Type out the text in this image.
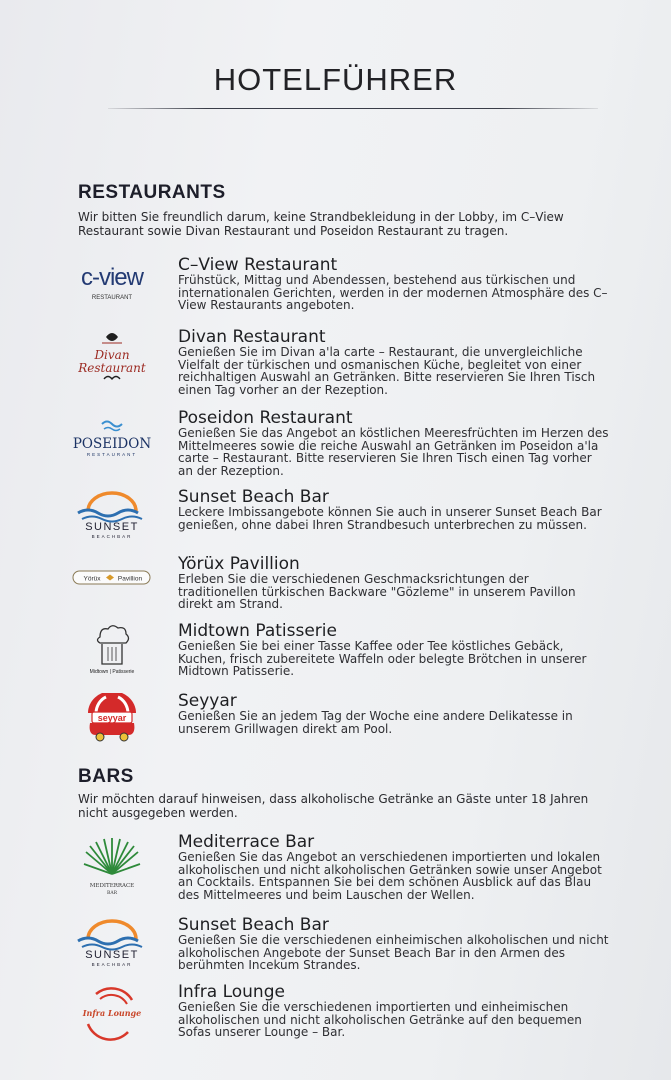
HOTELFÜHRER
RESTAURANTS
Wir bitten Sie freundlich darum, keine Strandbekleidung in der Lobby, im C–View Restaurant sowie Divan Restaurant und Poseidon Restaurant zu tragen.
c-view
RESTAURANT
C–View Restaurant
Frühstück, Mittag und Abendessen, bestehend aus türkischen und internationalen Gerichten, werden in der modernen Atmosphäre des C–View Restaurants angeboten.
Divan
Restaurant
Divan Restaurant
Genießen Sie im Divan a'la carte – Restaurant, die unvergleichliche Vielfalt der türkischen und osmanischen Küche, begleitet von einer reichhaltigen Auswahl an Getränken. Bitte reservieren Sie Ihren Tisch einen Tag vorher an der Rezeption.
POSEIDON
RESTAURANT
Poseidon Restaurant
Genießen Sie das Angebot an köstlichen Meeresfrüchten im Herzen des Mittelmeeres sowie die reiche Auswahl an Getränken im Poseidon a'la carte – Restaurant. Bitte reservieren Sie Ihren Tisch einen Tag vorher an der Rezeption.
SUNSET
BEACHBAR
Sunset Beach Bar
Leckere Imbissangebote können Sie auch in unserer Sunset Beach Bar genießen, ohne dabei Ihren Strandbesuch unterbrechen zu müssen.
Yörüx	Pavillion
Yörüx Pavillion
Erleben Sie die verschiedenen Geschmacksrichtungen der traditionellen türkischen Backware "Gözleme" in unserem Pavillon direkt am Strand.
Midtown | Patisserie
Midtown Patisserie
Genießen Sie bei einer Tasse Kaffee oder Tee köstliches Gebäck, Kuchen, frisch zubereitete Waffeln oder belegte Brötchen in unserer Midtown Patisserie.
seyyar
Seyyar
Genießen Sie an jedem Tag der Woche eine andere Delikatesse in unserem Grillwagen direkt am Pool.
BARS
Wir möchten darauf hinweisen, dass alkoholische Getränke an Gäste unter 18 Jahren nicht ausgegeben werden.
MEDITERRACE
BAR
Mediterrace Bar
Genießen Sie das Angebot an verschiedenen importierten und lokalen alkoholischen und nicht alkoholischen Getränken sowie unser Angebot an Cocktails. Entspannen Sie bei dem schönen Ausblick auf das Blau des Mittelmeeres und beim Lauschen der Wellen.
SUNSET
BEACHBAR
Sunset Beach Bar
Genießen Sie die verschiedenen einheimischen alkoholischen und nicht alkoholischen Angebote der Sunset Beach Bar in den Armen des berühmten Incekum Strandes.
Infra Lounge
Infra Lounge
Genießen Sie die verschiedenen importierten und einheimischen alkoholischen und nicht alkoholischen Getränke auf den bequemen Sofas unserer Lounge – Bar.
